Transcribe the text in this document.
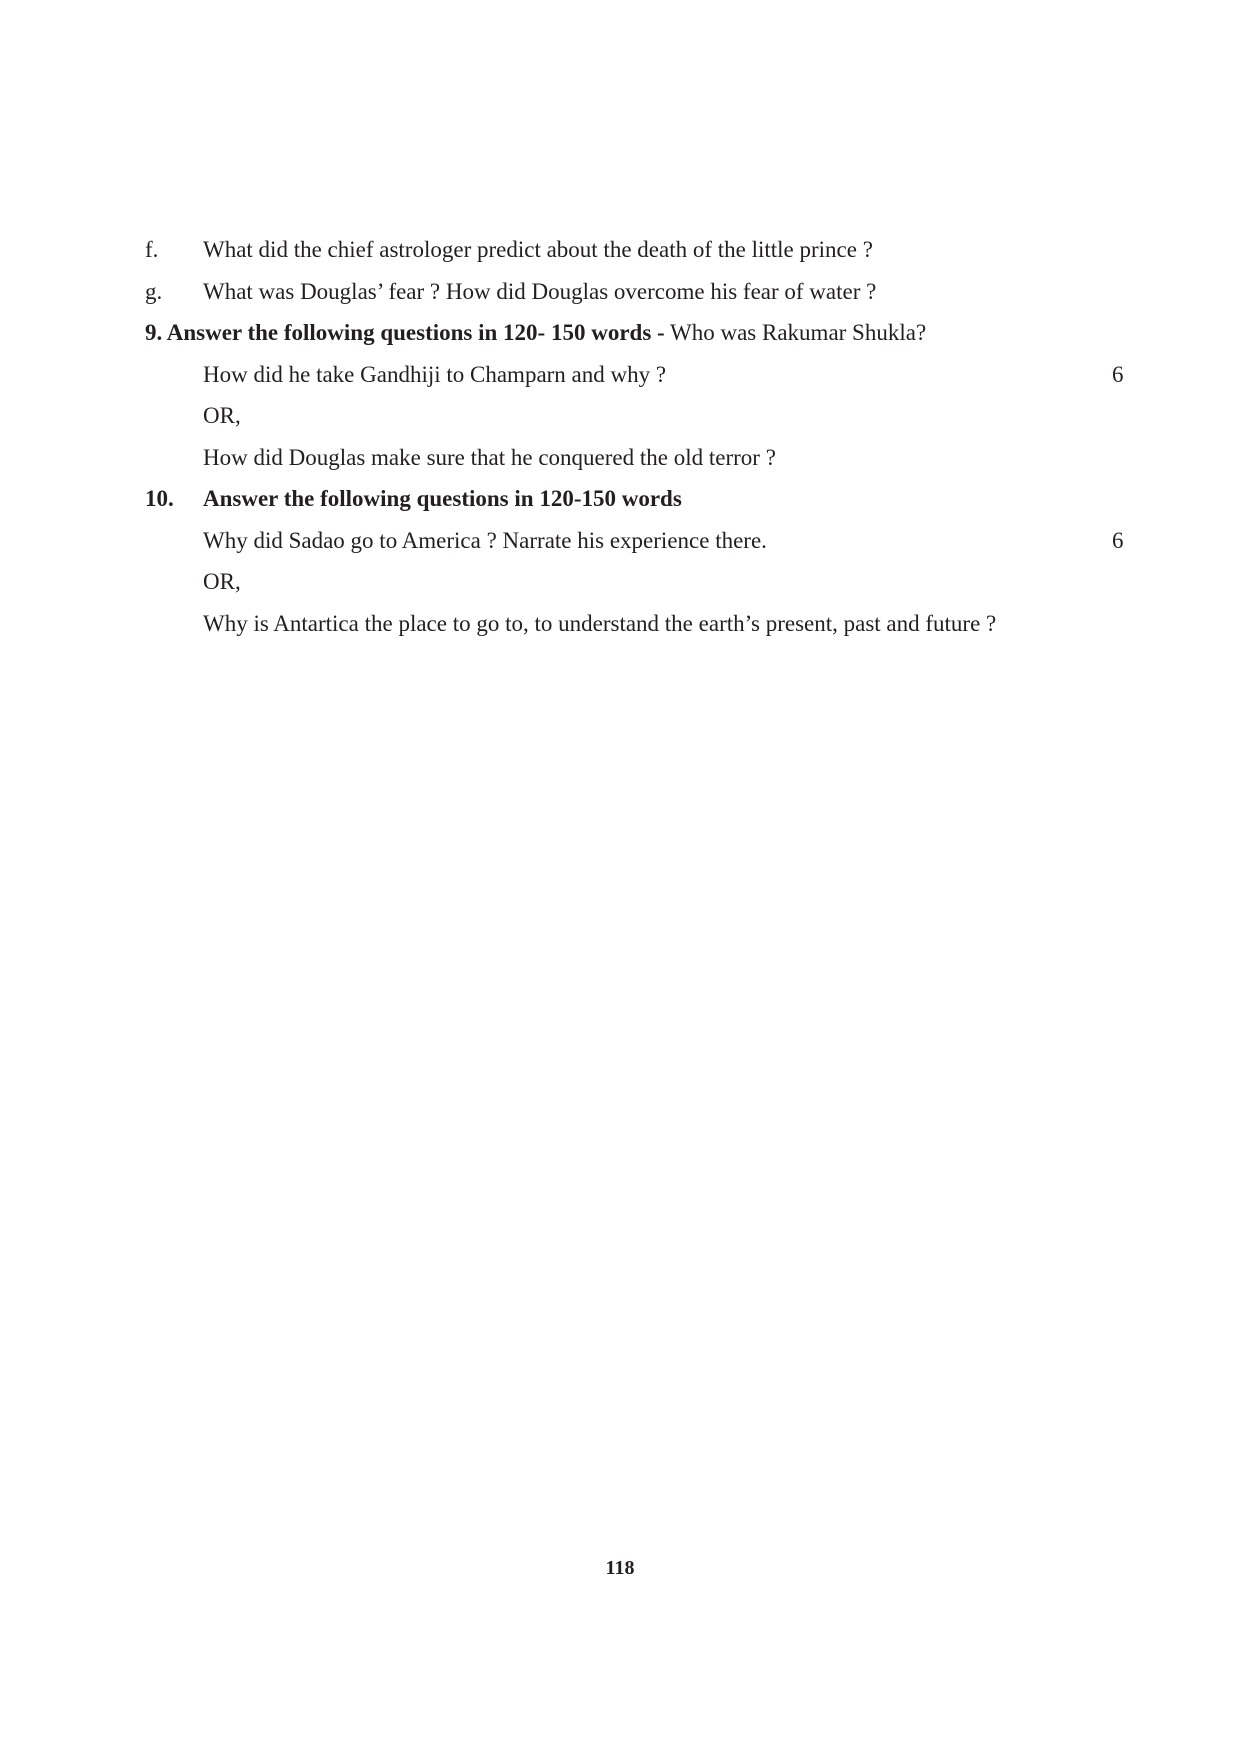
f. What did the chief astrologer predict about the death of the little prince ?
g. What was Douglas’ fear ? How did Douglas overcome his fear of water ?
9. Answer the following questions in 120- 150 words - Who was Rakumar Shukla?
How did he take Gandhiji to Champarn and why ?	6
OR,
How did Douglas make sure that he conquered the old terror ?
10. Answer the following questions in 120-150 words
Why did Sadao go to America ? Narrate his experience there.	6
OR,
Why is Antartica the place to go to, to understand the earth’s present, past and future ?
118
